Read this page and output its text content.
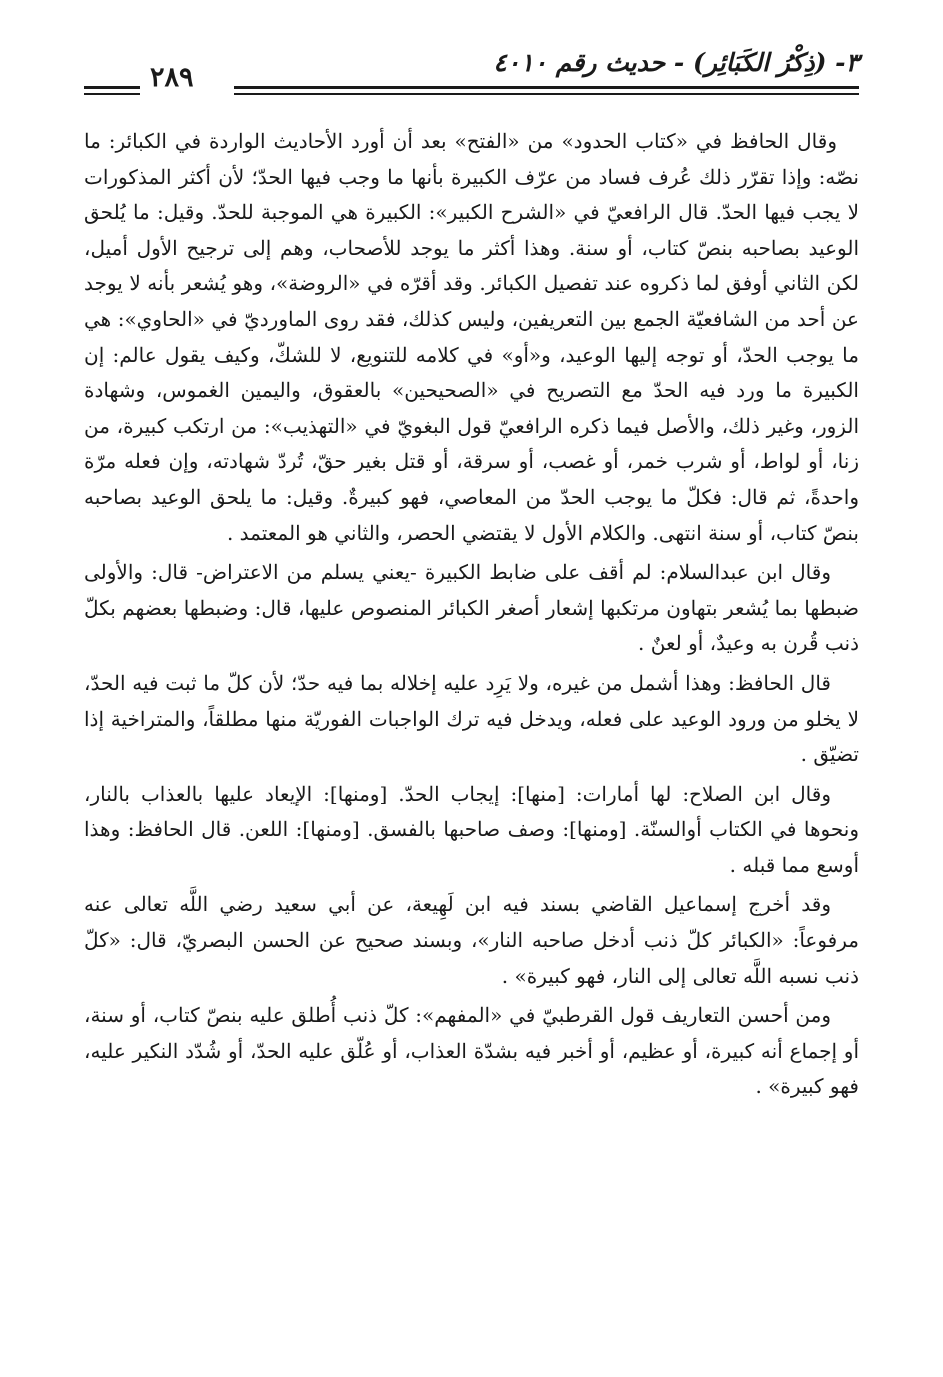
٣- (ذِكْرُ الكَبَائِر) - حديث رقم ٤٠١٠
٢٨٩

وقال الحافظ في «كتاب الحدود» من «الفتح» بعد أن أورد الأحاديث الواردة في الكبائر: ما نصّه: وإذا تقرّر ذلك عُرف فساد من عرّف الكبيرة بأنها ما وجب فيها الحدّ؛ لأن أكثر المذكورات لا يجب فيها الحدّ. قال الرافعيّ في «الشرح الكبير»: الكبيرة هي الموجبة للحدّ. وقيل: ما يُلحق الوعيد بصاحبه بنصّ كتاب، أو سنة. وهذا أكثر ما يوجد للأصحاب، وهم إلى ترجيح الأول أميل، لكن الثاني أوفق لما ذكروه عند تفصيل الكبائر. وقد أقرّه في «الروضة»، وهو يُشعر بأنه لا يوجد عن أحد من الشافعيّة الجمع بين التعريفين، وليس كذلك، فقد روى الماورديّ في «الحاوي»: هي ما يوجب الحدّ، أو توجه إليها الوعيد، و«أو» في كلامه للتنويع، لا للشكّ، وكيف يقول عالم: إن الكبيرة ما ورد فيه الحدّ مع التصريح في «الصحيحين» بالعقوق، واليمين الغموس، وشهادة الزور، وغير ذلك، والأصل فيما ذكره الرافعيّ قول البغويّ في «التهذيب»: من ارتكب كبيرة، من زنا، أو لواط، أو شرب خمر، أو غصب، أو سرقة، أو قتل بغير حقّ، تُردّ شهادته، وإن فعله مرّة واحدةً، ثم قال: فكلّ ما يوجب الحدّ من المعاصي، فهو كبيرةٌ. وقيل: ما يلحق الوعيد بصاحبه بنصّ كتاب، أو سنة انتهى. والكلام الأول لا يقتضي الحصر، والثاني هو المعتمد .

وقال ابن عبدالسلام: لم أقف على ضابط الكبيرة -يعني يسلم من الاعتراض- قال: والأولى ضبطها بما يُشعر بتهاون مرتكبها إشعار أصغر الكبائر المنصوص عليها، قال: وضبطها بعضهم بكلّ ذنب قُرن به وعيدٌ، أو لعنٌ .

قال الحافظ: وهذا أشمل من غيره، ولا يَرِد عليه إخلاله بما فيه حدّ؛ لأن كلّ ما ثبت فيه الحدّ، لا يخلو من ورود الوعيد على فعله، ويدخل فيه ترك الواجبات الفوريّة منها مطلقاً، والمتراخية إذا تضيّق .

وقال ابن الصلاح: لها أمارات: [منها]: إيجاب الحدّ. [ومنها]: الإيعاد عليها بالعذاب بالنار، ونحوها في الكتاب أوالسنّة. [ومنها]: وصف صاحبها بالفسق. [ومنها]: اللعن. قال الحافظ: وهذا أوسع مما قبله .

وقد أخرج إسماعيل القاضي بسند فيه ابن لَهِيعة، عن أبي سعيد رضي اللَّه تعالى عنه مرفوعاً: «الكبائر كلّ ذنب أدخل صاحبه النار»، وبسند صحيح عن الحسن البصريّ، قال: «كلّ ذنب نسبه اللَّه تعالى إلى النار، فهو كبيرة» .

ومن أحسن التعاريف قول القرطبيّ في «المفهم»: كلّ ذنب أُطلق عليه بنصّ كتاب، أو سنة، أو إجماع أنه كبيرة، أو عظيم، أو أخبر فيه بشدّة العذاب، أو عُلّق عليه الحدّ، أو شُدّد النكير عليه، فهو كبيرة» .
